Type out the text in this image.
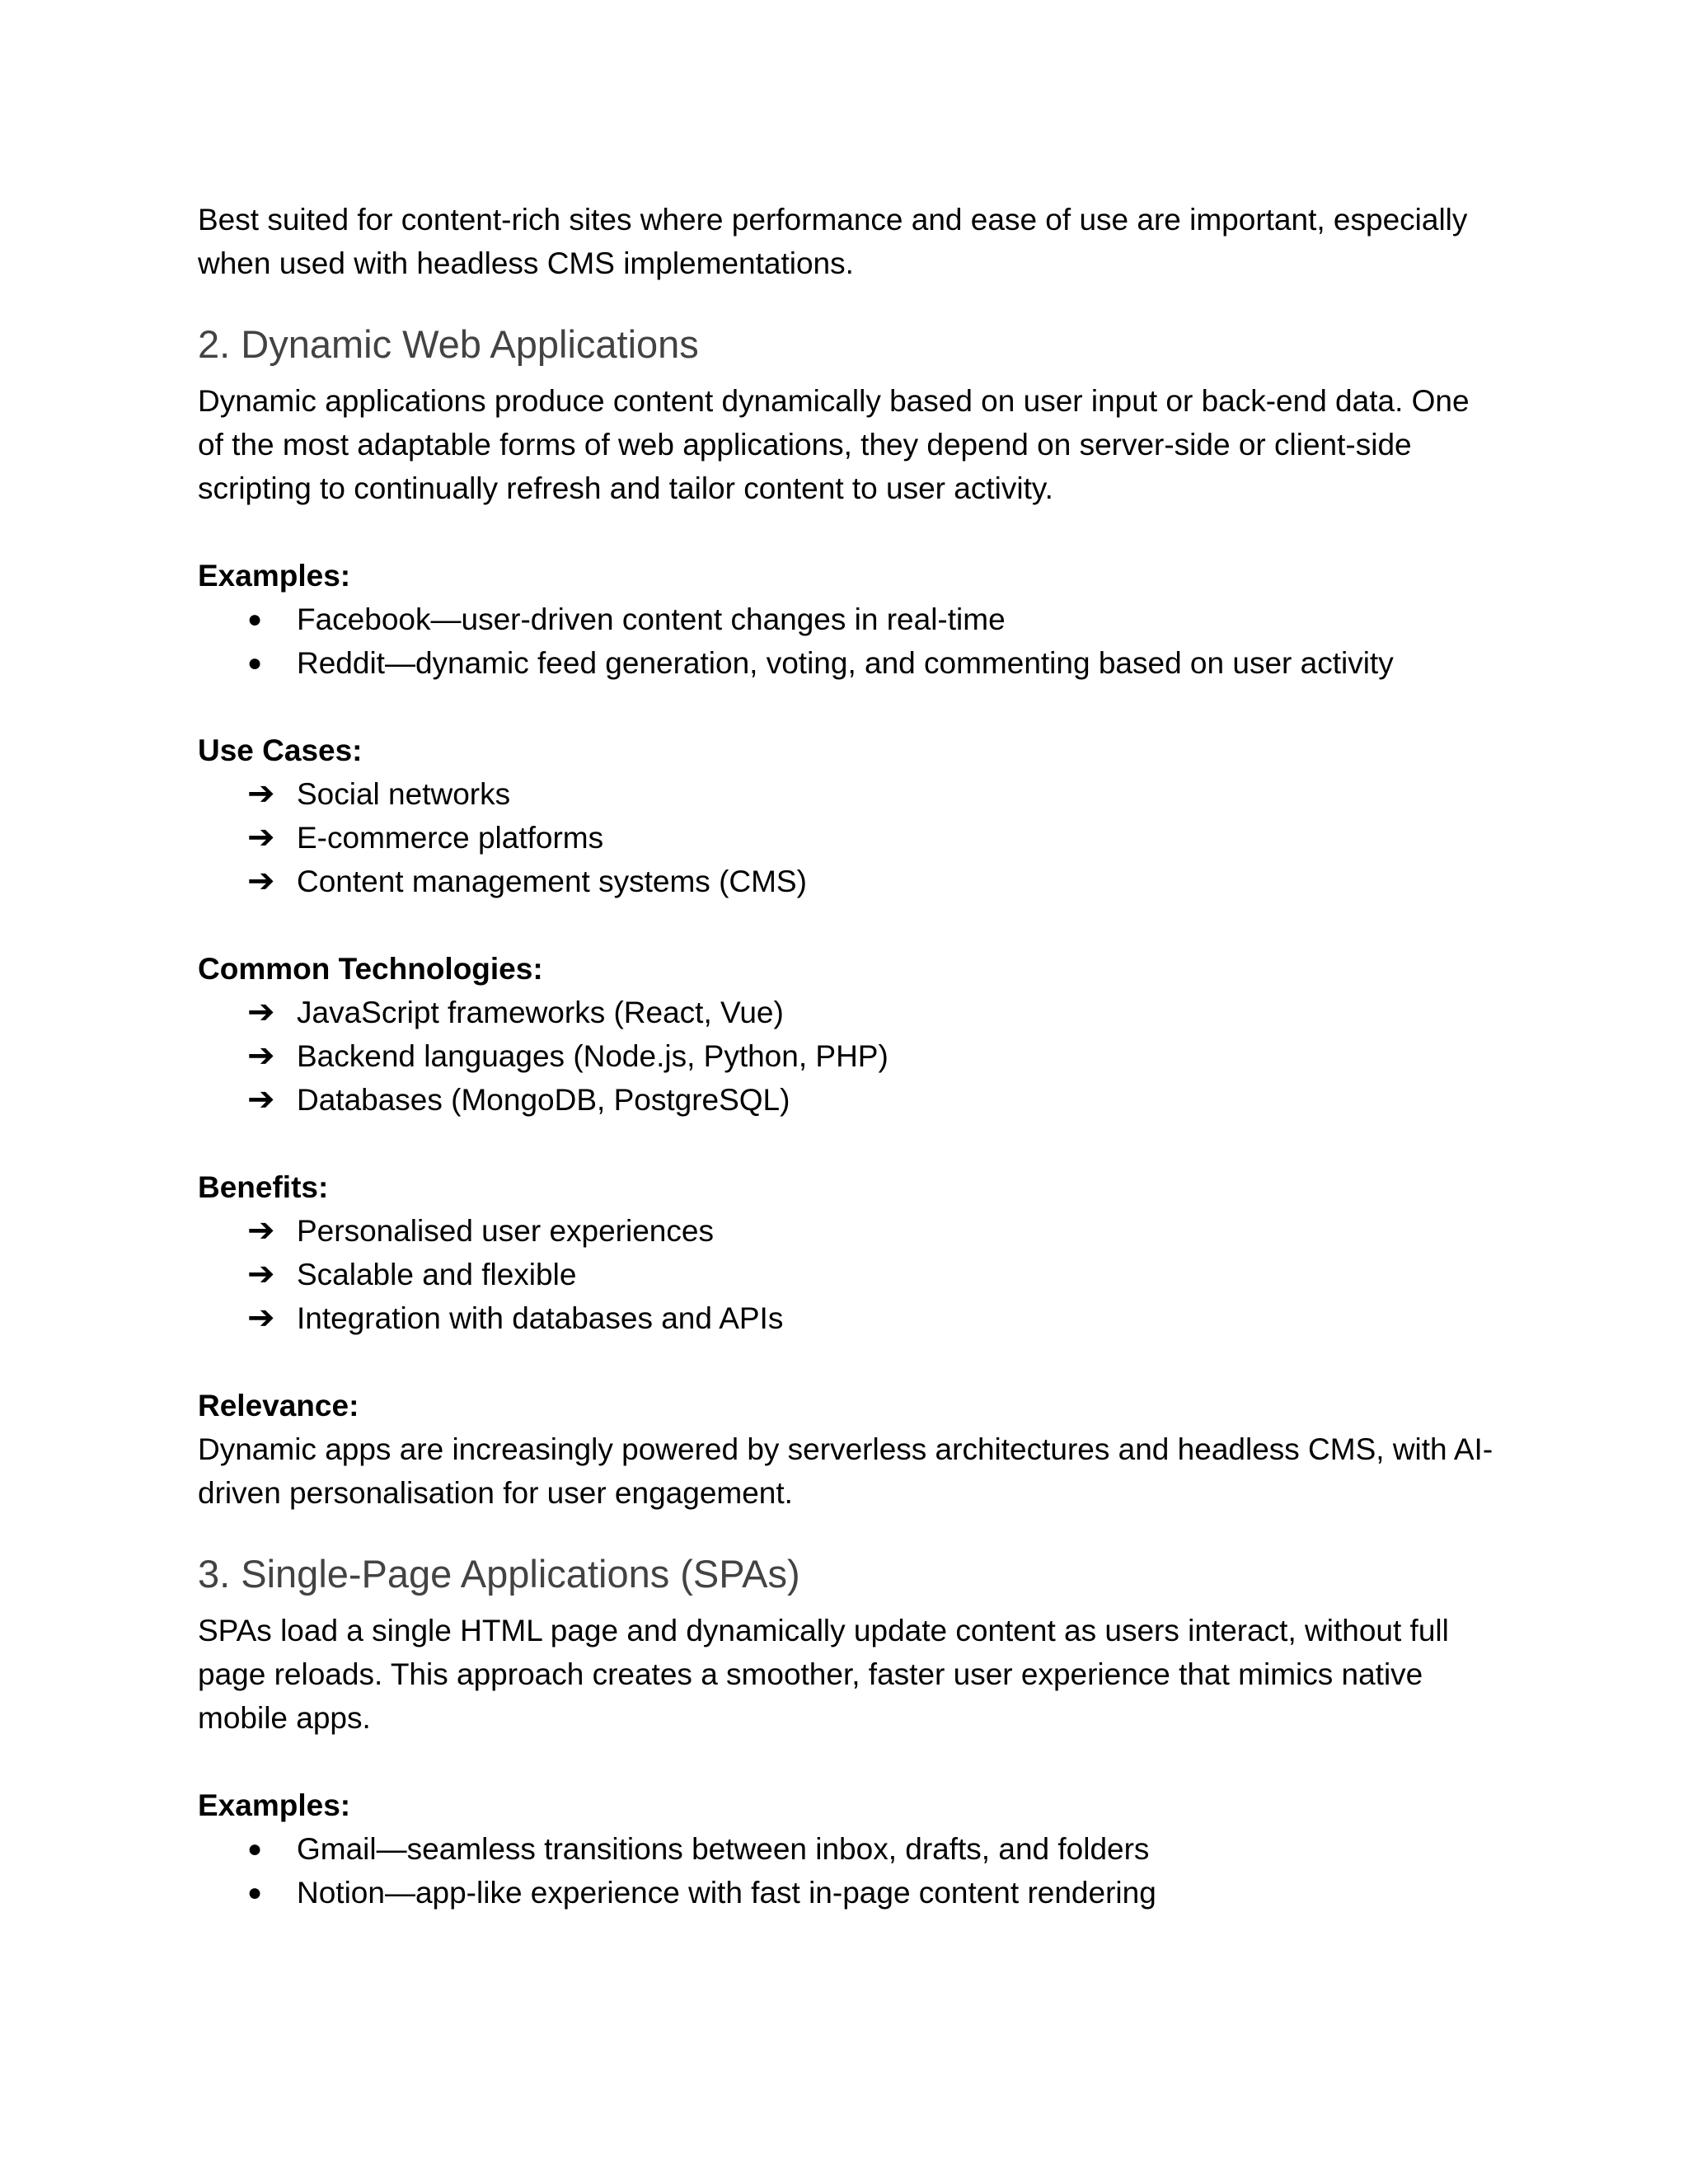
Best suited for content-rich sites where performance and ease of use are important, especially when used with headless CMS implementations.

2. Dynamic Web Applications

Dynamic applications produce content dynamically based on user input or back-end data. One of the most adaptable forms of web applications, they depend on server-side or client-side scripting to continually refresh and tailor content to user activity.

Examples:

●	Facebook—user-driven content changes in real-time
●	Reddit—dynamic feed generation, voting, and commenting based on user activity

Use Cases:

➔ Social networks
➔ E-commerce platforms
➔ Content management systems (CMS)

Common Technologies:

➔ JavaScript frameworks (React, Vue)
➔ Backend languages (Node.js, Python, PHP)
➔ Databases (MongoDB, PostgreSQL)

Benefits:

➔ Personalised user experiences
➔ Scalable and flexible
➔ Integration with databases and APIs

Relevance:

Dynamic apps are increasingly powered by serverless architectures and headless CMS, with AI-driven personalisation for user engagement.

3. Single-Page Applications (SPAs)

SPAs load a single HTML page and dynamically update content as users interact, without full page reloads. This approach creates a smoother, faster user experience that mimics native mobile apps.

Examples:

●	Gmail—seamless transitions between inbox, drafts, and folders
●	Notion—app-like experience with fast in-page content rendering
